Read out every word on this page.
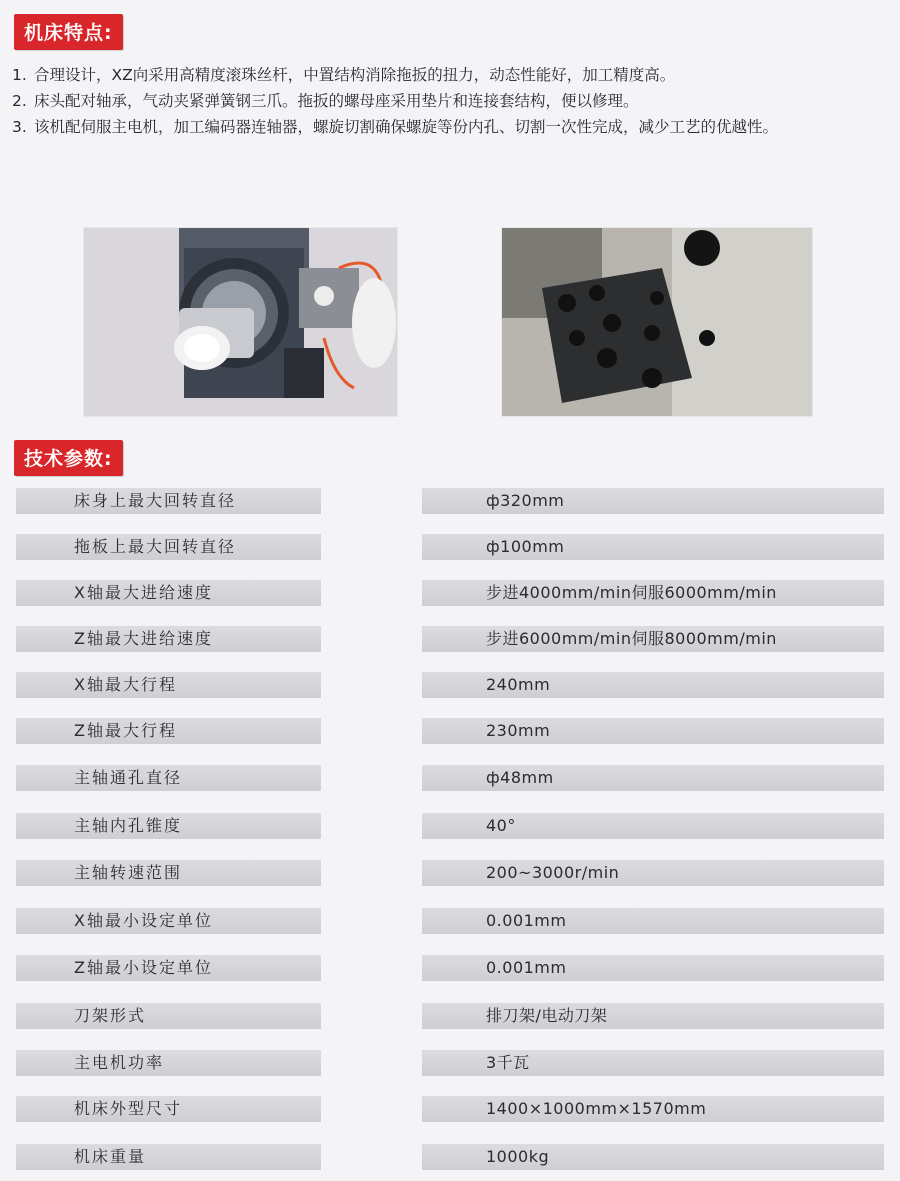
机床特点:
1. 合理设计，XZ向采用高精度滚珠丝杆，中置结构消除拖扳的扭力，动态性能好，加工精度高。
2. 床头配对轴承，气动夹紧弹簧钢三爪。拖扳的螺母座采用垫片和连接套结构，便以修理。
3. 该机配伺服主电机，加工编码器连轴器，螺旋切割确保螺旋等份内孔、切割一次性完成，减少工艺的优越性。
技术参数:
床身上最大回转直径	ф320mm
拖板上最大回转直径	ф100mm
X轴最大进给速度	步进4000mm/min伺服6000mm/min
Z轴最大进给速度	步进6000mm/min伺服8000mm/min
X轴最大行程	240mm
Z轴最大行程	230mm
主轴通孔直径	ф48mm
主轴内孔锥度	40°
主轴转速范围	200~3000r/min
X轴最小设定单位	0.001mm
Z轴最小设定单位	0.001mm
刀架形式	排刀架/电动刀架
主电机功率	3千瓦
机床外型尺寸	1400×1000mm×1570mm
机床重量	1000kg
